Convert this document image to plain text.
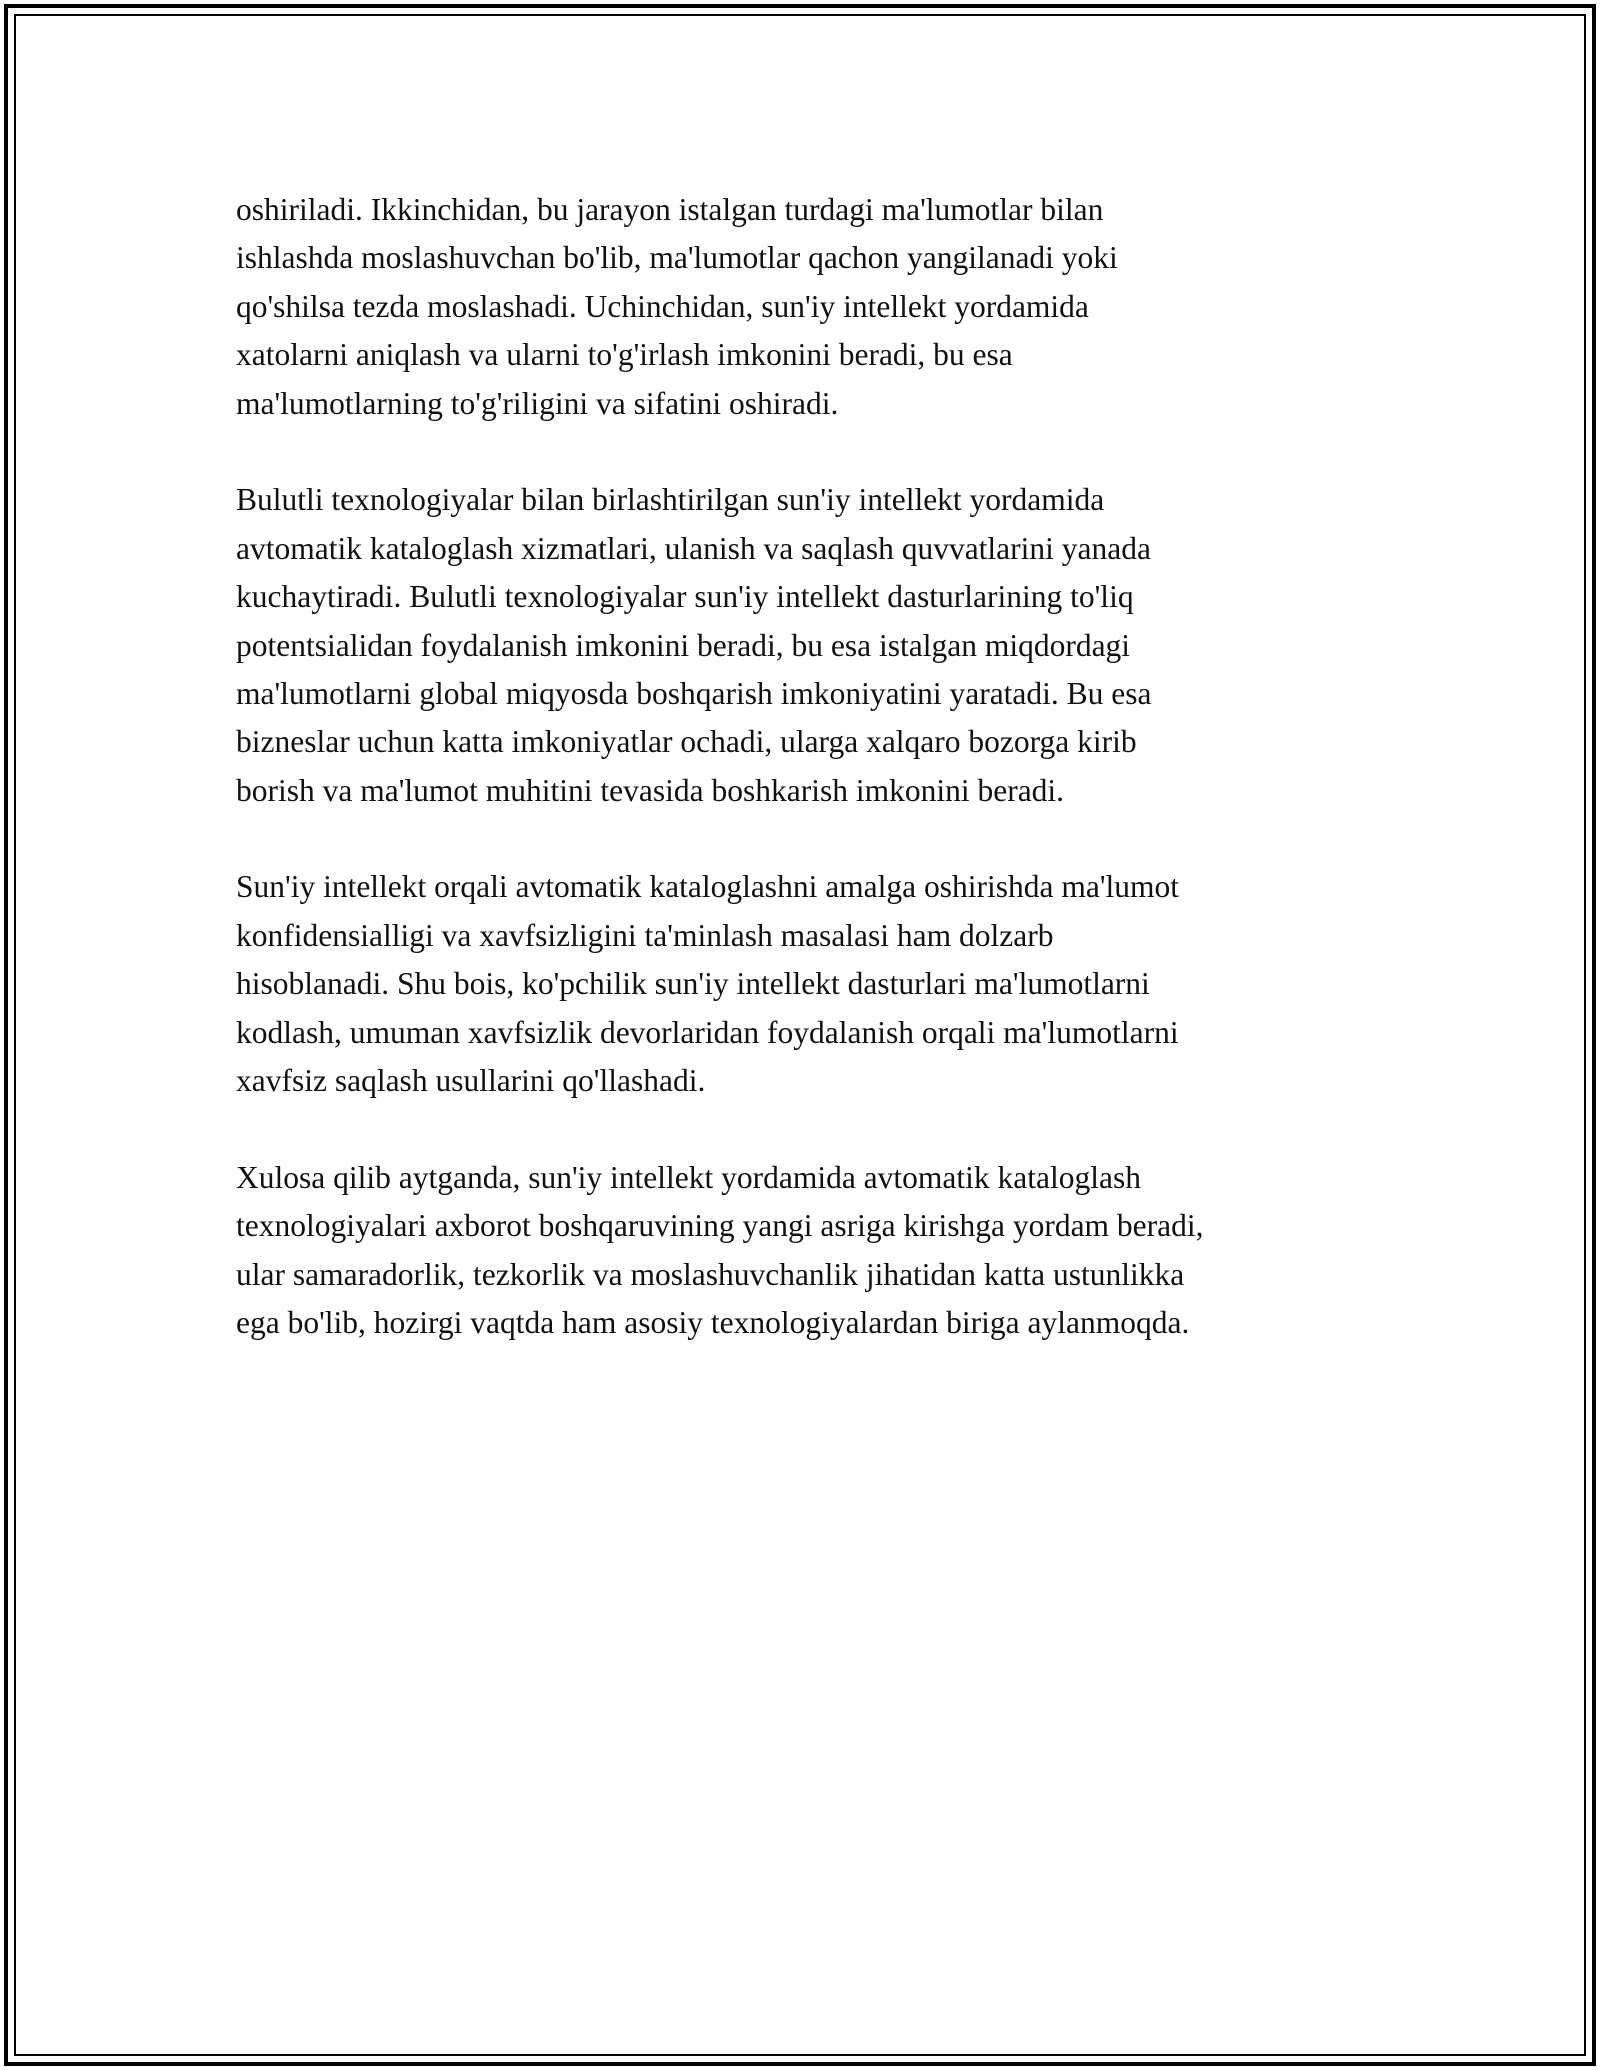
oshiriladi. Ikkinchidan, bu jarayon istalgan turdagi ma'lumotlar bilan
ishlashda moslashuvchan bo'lib, ma'lumotlar qachon yangilanadi yoki
qo'shilsa tezda moslashadi. Uchinchidan, sun'iy intellekt yordamida
xatolarni aniqlash va ularni to'g'irlash imkonini beradi, bu esa
ma'lumotlarning to'g'riligini va sifatini oshiradi.
Bulutli texnologiyalar bilan birlashtirilgan sun'iy intellekt yordamida
avtomatik kataloglash xizmatlari, ulanish va saqlash quvvatlarini yanada
kuchaytiradi. Bulutli texnologiyalar sun'iy intellekt dasturlarining to'liq
potentsialidan foydalanish imkonini beradi, bu esa istalgan miqdordagi
ma'lumotlarni global miqyosda boshqarish imkoniyatini yaratadi. Bu esa
bizneslar uchun katta imkoniyatlar ochadi, ularga xalqaro bozorga kirib
borish va ma'lumot muhitini tevasida boshkarish imkonini beradi.
Sun'iy intellekt orqali avtomatik kataloglashni amalga oshirishda ma'lumot
konfidensialligi va xavfsizligini ta'minlash masalasi ham dolzarb
hisoblanadi. Shu bois, ko'pchilik sun'iy intellekt dasturlari ma'lumotlarni
kodlash, umuman xavfsizlik devorlaridan foydalanish orqali ma'lumotlarni
xavfsiz saqlash usullarini qo'llashadi.
Xulosa qilib aytganda, sun'iy intellekt yordamida avtomatik kataloglash
texnologiyalari axborot boshqaruvining yangi asriga kirishga yordam beradi,
ular samaradorlik, tezkorlik va moslashuvchanlik jihatidan katta ustunlikka
ega bo'lib, hozirgi vaqtda ham asosiy texnologiyalardan biriga aylanmoqda.
